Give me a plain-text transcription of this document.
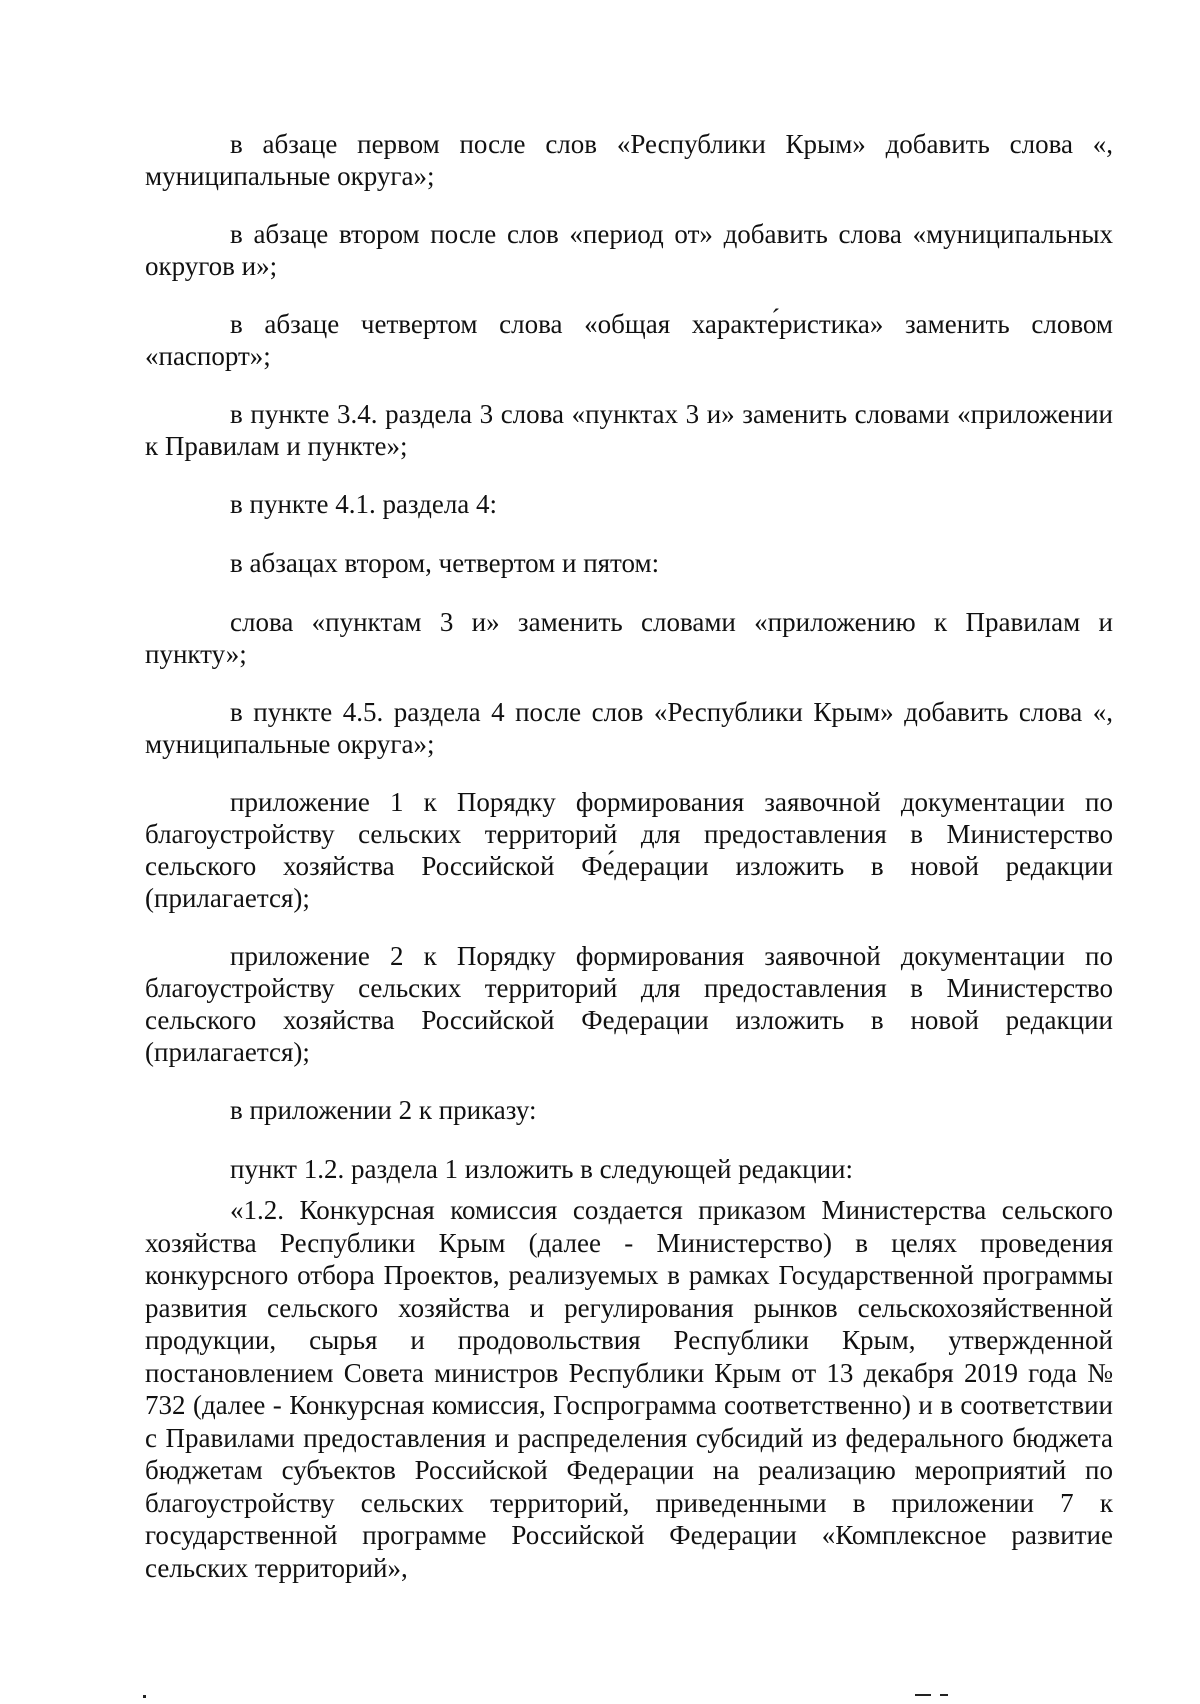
в абзаце первом после слов «Республики Крым» добавить слова «, муниципальные округа»;

в абзаце втором после слов «период от» добавить слова «муниципальных округов и»;

в абзаце четвертом слова «общая характе́ристика» заменить словом «паспорт»;

в пункте 3.4. раздела 3 слова «пунктах 3 и» заменить словами «приложении к Правилам и пункте»;

в пункте 4.1. раздела 4:

в абзацах втором, четвертом и пятом:

слова «пунктам 3 и» заменить словами «приложению к Правилам и пункту»;

в пункте 4.5. раздела 4 после слов «Республики Крым» добавить слова «, муниципальные округа»;

приложение 1 к Порядку формирования заявочной документации по благоустройству сельских территорий для предоставления в Министерство сельского хозяйства Российской Фе́дерации изложить в новой редакции (прилагается);

приложение 2 к Порядку формирования заявочной документации по благоустройству сельских территорий для предоставления в Министерство сельского хозяйства Российской Федерации изложить в новой редакции (прилагается);

в приложении 2 к приказу:

пункт 1.2. раздела 1 изложить в следующей редакции:

«1.2. Конкурсная комиссия создается приказом Министерства сельского хозяйства Республики Крым (далее - Министерство) в целях проведения конкурсного отбора Проектов, реализуемых в рамках Государственной программы развития сельского хозяйства и регулирования рынков сельскохозяйственной продукции, сырья и продовольствия Республики Крым, утвержденной постановлением Совета министров Республики Крым от 13 декабря 2019 года № 732 (далее - Конкурсная комиссия, Госпрограмма соответственно) и в соответствии с Правилами предоставления и распределения субсидий из федерального бюджета бюджетам субъектов Российской Федерации на реализацию мероприятий по благоустройству сельских территорий, приведенными в приложении 7 к государственной программе Российской Федерации «Комплексное развитие сельских территорий»,
